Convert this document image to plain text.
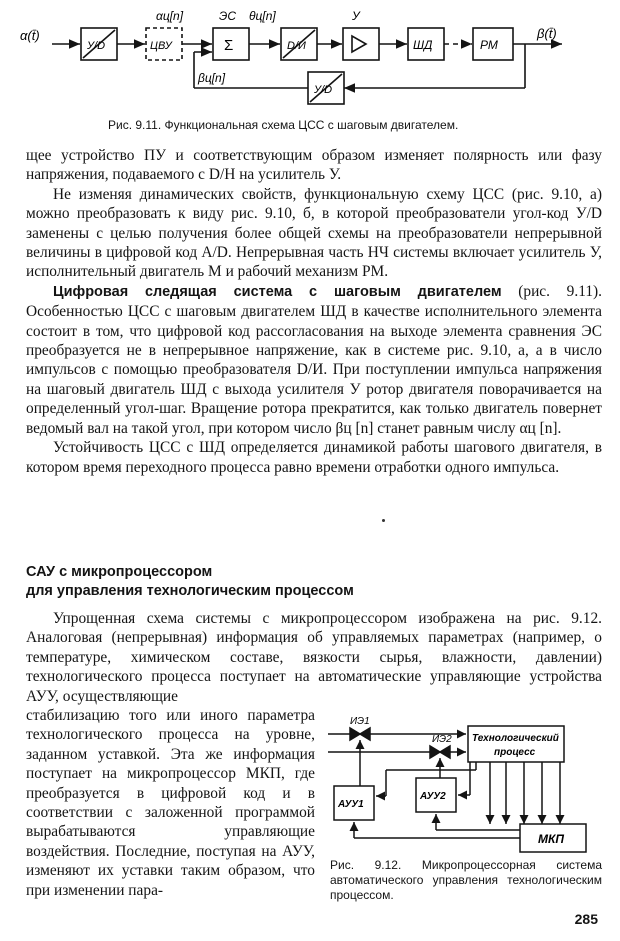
α(t̄)
αц[n]	ЭС θц[n]	У
β(t̄)
βц[n]
У/D	ЦВУ	Σ	D/И	ШД	РМ
У/D
Рис. 9.11. Функциональная схема ЦСС с шаговым двигателем.

щее устройство ПУ и соответствующим образом изменяет полярность или фазу напряжения, подаваемого с D/H на усилитель У.

Не изменяя динамических свойств, функциональную схему ЦСС (рис. 9.10, а) можно преобразовать к виду рис. 9.10, б, в которой преобразователи угол-код У/D заменены с целью получения более общей схемы на преобразователи непрерывной величины в цифровой код A/D. Непрерывная часть НЧ системы включает усилитель У, исполнительный двигатель М и рабочий механизм РМ.

Цифровая следящая система с шаговым двигателем (рис. 9.11). Особенностью ЦСС с шаговым двигателем ШД в качестве исполнительного элемента состоит в том, что цифровой код рассогласования на выходе элемента сравнения ЭС преобразуется не в непрерывное напряжение, как в системе рис. 9.10, а, а в число импульсов с помощью преобразователя D/И. При поступлении импульса напряжения на шаговый двигатель ШД с выхода усилителя У ротор двигателя поворачивается на определенный угол-шаг. Вращение ротора прекратится, как только двигатель повернет ведомый вал на такой угол, при котором число βц [n] станет равным числу αц [n].

Устойчивость ЦСС с ШД определяется динамикой работы шагового двигателя, в котором время переходного процесса равно времени отработки одного импульса.

САУ с микропроцессором
для управления технологическим процессом

Упрощенная схема системы с микропроцессором изображена на рис. 9.12. Аналоговая (непрерывная) информация об управляемых параметрах (например, о температуре, химическом составе, вязкости сырья, влажности, давлении) технологического процесса поступает на автоматические управляющие устройства АУУ, осуществляющие

стабилизацию того или иного параметра технологического процесса на уровне, заданном уставкой. Эта же информация поступает на микропроцессор МКП, где преобразуется в цифровой код и в соответствии с заложенной программой вырабатываются управляющие воздействия. Последние, поступая на АУУ, изменяют их уставки таким образом, что при изменении пара-
ИЭ1
ИЭ2 Технологический
процесс
АУУ1
АУУ2
МКП
Рис. 9.12. Микропроцессорная система автоматического управления технологическим процессом.
285
